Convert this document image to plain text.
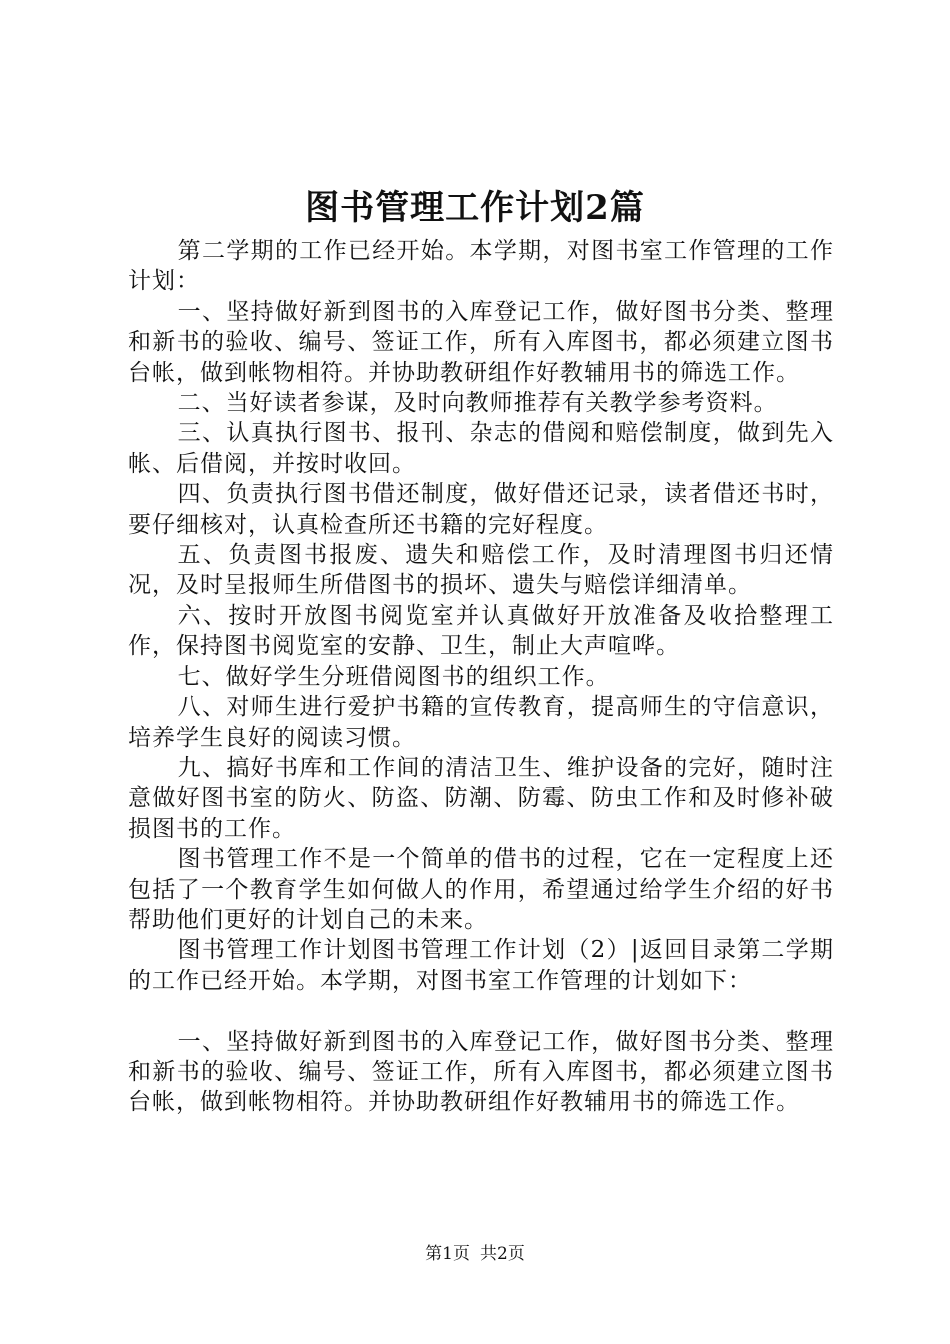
图书管理工作计划2篇

第二学期的工作已经开始。本学期，对图书室工作管理的工作计划：

一、坚持做好新到图书的入库登记工作，做好图书分类、整理和新书的验收、编号、签证工作，所有入库图书，都必须建立图书台帐，做到帐物相符。并协助教研组作好教辅用书的筛选工作。

二、当好读者参谋，及时向教师推荐有关教学参考资料。

三、认真执行图书、报刊、杂志的借阅和赔偿制度，做到先入帐、后借阅，并按时收回。

四、负责执行图书借还制度，做好借还记录，读者借还书时，要仔细核对，认真检查所还书籍的完好程度。

五、负责图书报废、遗失和赔偿工作，及时清理图书归还情况，及时呈报师生所借图书的损坏、遗失与赔偿详细清单。

六、按时开放图书阅览室并认真做好开放准备及收拾整理工作，保持图书阅览室的安静、卫生，制止大声喧哗。

七、做好学生分班借阅图书的组织工作。

八、对师生进行爱护书籍的宣传教育，提高师生的守信意识，培养学生良好的阅读习惯。

九、搞好书库和工作间的清洁卫生、维护设备的完好，随时注意做好图书室的防火、防盗、防潮、防霉、防虫工作和及时修补破损图书的工作。

图书管理工作不是一个简单的借书的过程，它在一定程度上还包括了一个教育学生如何做人的作用，希望通过给学生介绍的好书帮助他们更好的计划自己的未来。

图书管理工作计划图书管理工作计划（2）|返回目录第二学期的工作已经开始。本学期，对图书室工作管理的计划如下：

一、坚持做好新到图书的入库登记工作，做好图书分类、整理和新书的验收、编号、签证工作，所有入库图书，都必须建立图书台帐，做到帐物相符。并协助教研组作好教辅用书的筛选工作。

第1页 共2页
